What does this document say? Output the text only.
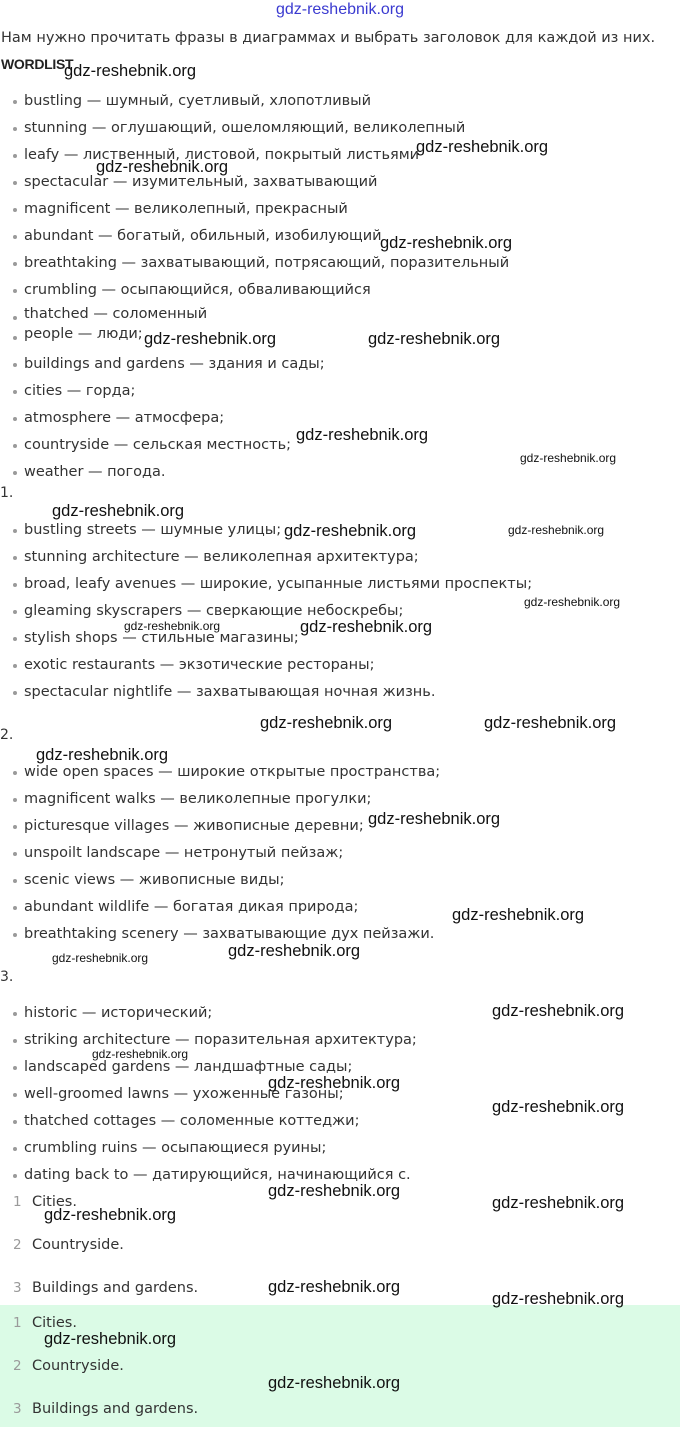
gdz-reshebnik.org
Нам нужно прочитать фразы в диаграммах и выбрать заголовок для каждой из них.
WORDLIST
bustling — шумный, суетливый, хлопотливый
stunning — оглушающий, ошеломляющий, великолепный
leafy — лиственный, листовой, покрытый листьями
spectacular — изумительный, захватывающий
magnificent — великолепный, прекрасный
abundant — богатый, обильный, изобилующий
breathtaking — захватывающий, потрясающий, поразительный
crumbling — осыпающийся, обваливающийся
thatched — соломенный
people — люди;
buildings and gardens — здания и сады;
cities — горда;
atmosphere — атмосфера;
countryside — сельская местность;
weather — погода.
1.
bustling streets — шумные улицы;
stunning architecture — великолепная архитектура;
broad, leafy avenues — широкие, усыпанные листьями проспекты;
gleaming skyscrapers — сверкающие небоскребы;
stylish shops — стильные магазины;
exotic restaurants — экзотические рестораны;
spectacular nightlife — захватывающая ночная жизнь.
2.
wide open spaces — широкие открытые пространства;
magnificent walks — великолепные прогулки;
picturesque villages — живописные деревни;
unspoilt landscape — нетронутый пейзаж;
scenic views — живописные виды;
abundant wildlife — богатая дикая природа;
breathtaking scenery — захватывающие дух пейзажи.
3.
historic — исторический;
striking architecture — поразительная архитектура;
landscaped gardens — ландшафтные сады;
well-groomed lawns — ухоженные газоны;
thatched cottages — соломенные коттеджи;
crumbling ruins — осыпающиеся руины;
dating back to — датирующийся, начинающийся с.
1 Cities.
2 Countryside.
3 Buildings and gardens.
1 Cities.
2 Countryside.
3 Buildings and gardens.
gdz-reshebnik.org
gdz-reshebnik.org
gdz-reshebnik.org
gdz-reshebnik.org
gdz-reshebnik.org	gdz-reshebnik.org
gdz-reshebnik.org
gdz-reshebnik.org
gdz-reshebnik.org
gdz-reshebnik.org	gdz-reshebnik.org
gdz-reshebnik.org
gdz-reshebnik.org	gdz-reshebnik.org
gdz-reshebnik.org	gdz-reshebnik.org
gdz-reshebnik.org
gdz-reshebnik.org
gdz-reshebnik.org
gdz-reshebnik.org
gdz-reshebnik.org
gdz-reshebnik.org
gdz-reshebnik.org
gdz-reshebnik.org
gdz-reshebnik.org
gdz-reshebnik.org
gdz-reshebnik.org
gdz-reshebnik.org
gdz-reshebnik.org
gdz-reshebnik.org
gdz-reshebnik.org
gdz-reshebnik.org
